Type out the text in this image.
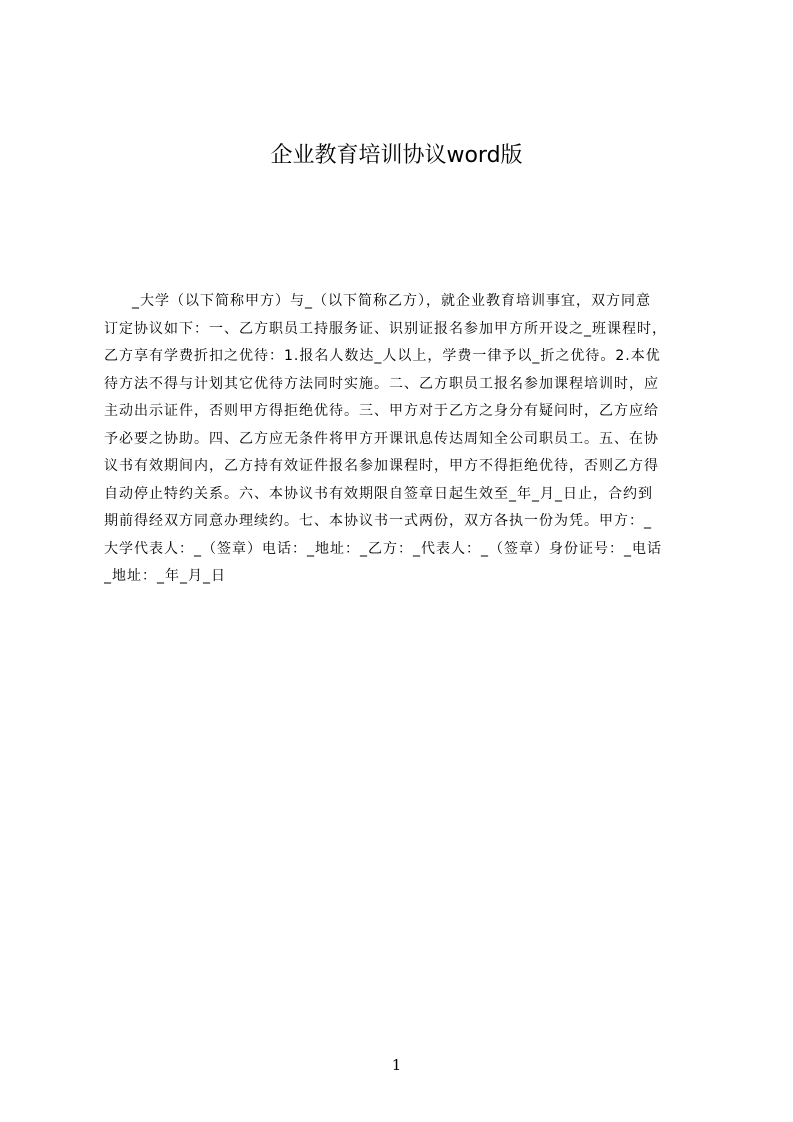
企业教育培训协议word版
_大学（以下简称甲方）与_（以下简称乙方），就企业教育培训事宜，双方同意
订定协议如下：一、乙方职员工持服务证、识别证报名参加甲方所开设之_班课程时，
乙方享有学费折扣之优待：1.报名人数达_人以上，学费一律予以_折之优待。2.本优
待方法不得与计划其它优待方法同时实施。二、乙方职员工报名参加课程培训时，应
主动出示证件，否则甲方得拒绝优待。三、甲方对于乙方之身分有疑问时，乙方应给
予必要之协助。四、乙方应无条件将甲方开课讯息传达周知全公司职员工。五、在协
议书有效期间内，乙方持有效证件报名参加课程时，甲方不得拒绝优待，否则乙方得
自动停止特约关系。六、本协议书有效期限自签章日起生效至_年_月_日止，合约到
期前得经双方同意办理续约。七、本协议书一式两份，双方各执一份为凭。甲方：_
大学代表人：_（签章）电话：_地址：_乙方：_代表人：_（签章）身份证号：_电话
_地址：_年_月_日
1
